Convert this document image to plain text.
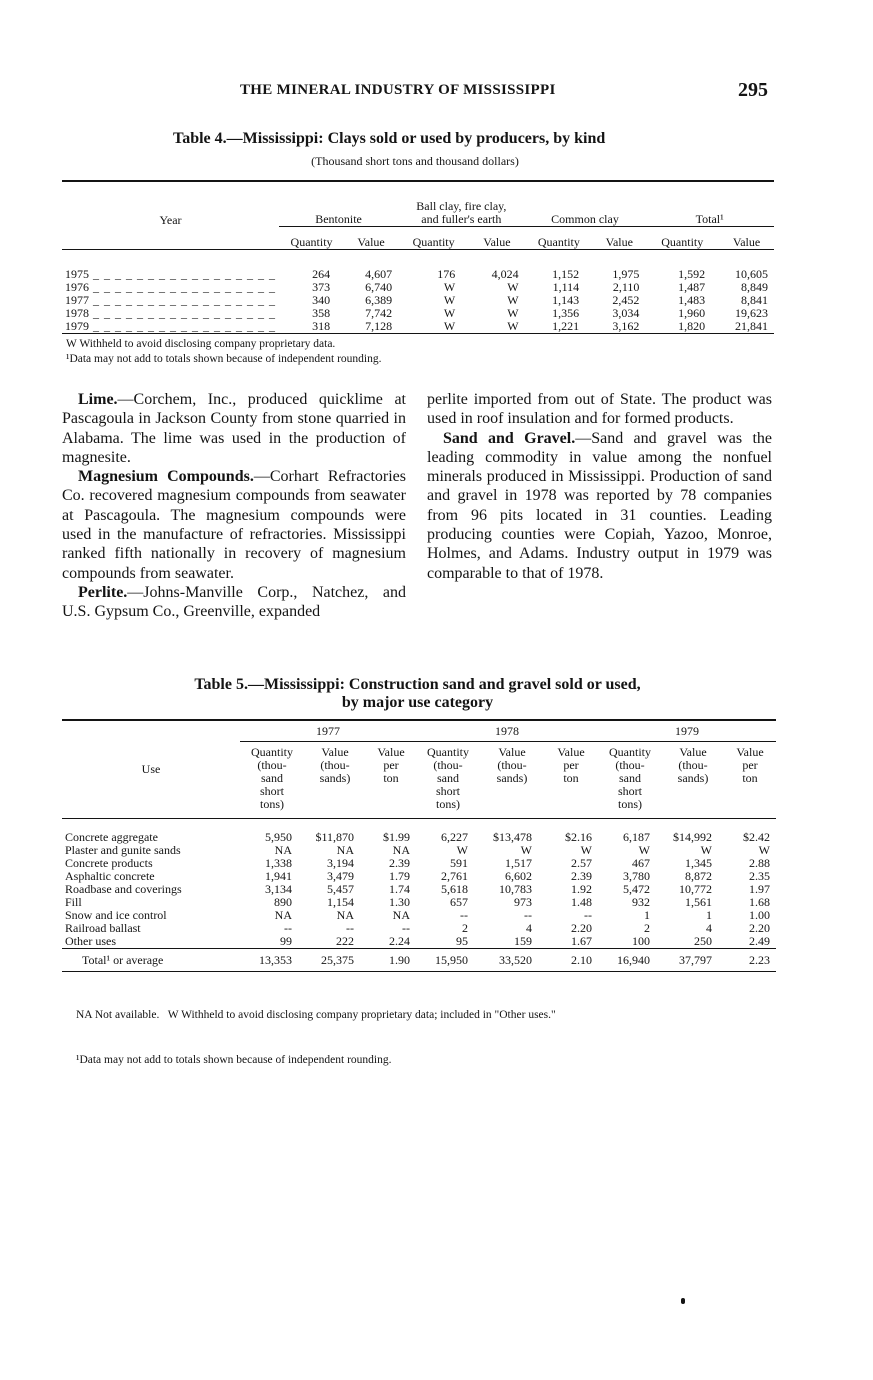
THE MINERAL INDUSTRY OF MISSISSIPPI	295
Table 4.—Mississippi: Clays sold or used by producers, by kind
(Thousand short tons and thousand dollars)
Year	Bentonite		Ball clay, fire clay, and fuller's earth		Common clay		Total¹	
	Quantity	Value	Quantity	Value	Quantity	Value	Quantity	Value
1975 _ _ _ _ _ _ _ _ _ _ _ _ _ _ _ _ _	264	4,607	176	4,024	1,152	1,975	1,592	10,605
1976 _ _ _ _ _ _ _ _ _ _ _ _ _ _ _ _ _	373	6,740	W	W	1,114	2,110	1,487	8,849
1977 _ _ _ _ _ _ _ _ _ _ _ _ _ _ _ _ _	340	6,389	W	W	1,143	2,452	1,483	8,841
1978 _ _ _ _ _ _ _ _ _ _ _ _ _ _ _ _ _	358	7,742	W	W	1,356	3,034	1,960	19,623
1979 _ _ _ _ _ _ _ _ _ _ _ _ _ _ _ _ _	318	7,128	W	W	1,221	3,162	1,820	21,841
W Withheld to avoid disclosing company proprietary data.
¹Data may not add to totals shown because of independent rounding.

Lime.—Corchem, Inc., produced quicklime at Pascagoula in Jackson County from stone quarried in Alabama. The lime was used in the production of magnesite.

Magnesium Compounds.—Corhart Refractories Co. recovered magnesium compounds from seawater at Pascagoula. The magnesium compounds were used in the manufacture of refractories. Mississippi ranked fifth nationally in recovery of magnesium compounds from seawater.

Perlite.—Johns-Manville Corp., Natchez, and U.S. Gypsum Co., Greenville, expanded

perlite imported from out of State. The product was used in roof insulation and for formed products.

Sand and Gravel.—Sand and gravel was the leading commodity in value among the nonfuel minerals produced in Mississippi. Production of sand and gravel in 1978 was reported by 78 companies from 96 pits located in 31 counties. Leading producing counties were Copiah, Yazoo, Monroe, Holmes, and Adams. Industry output in 1979 was comparable to that of 1978.

Table 5.—Mississippi: Construction sand and gravel sold or used,
by major use category
Use	1977			1978			1979		
	Quantity (thou- sand short tons)	Value (thou- sands)	Value per ton	Quantity (thou- sand short tons)	Value (thou- sands)	Value per ton	Quantity (thou- sand short tons)	Value (thou- sands)	Value per ton
Concrete aggregate	5,950	$11,870	$1.99	6,227	$13,478	$2.16	6,187	$14,992	$2.42
Plaster and gunite sands	NA	NA	NA	W	W	W	W	W	W
Concrete products	1,338	3,194	2.39	591	1,517	2.57	467	1,345	2.88
Asphaltic concrete	1,941	3,479	1.79	2,761	6,602	2.39	3,780	8,872	2.35
Roadbase and coverings	3,134	5,457	1.74	5,618	10,783	1.92	5,472	10,772	1.97
Fill	890	1,154	1.30	657	973	1.48	932	1,561	1.68
Snow and ice control	NA	NA	NA	--	--	--	1	1	1.00
Railroad ballast	--	--	--	2	4	2.20	2	4	2.20
Other uses	99	222	2.24	95	159	1.67	100	250	2.49
Total¹ or average	13,353	25,375	1.90	15,950	33,520	2.10	16,940	37,797	2.23

NA Not available.   W Withheld to avoid disclosing company proprietary data; included in "Other uses."

¹Data may not add to totals shown because of independent rounding.
